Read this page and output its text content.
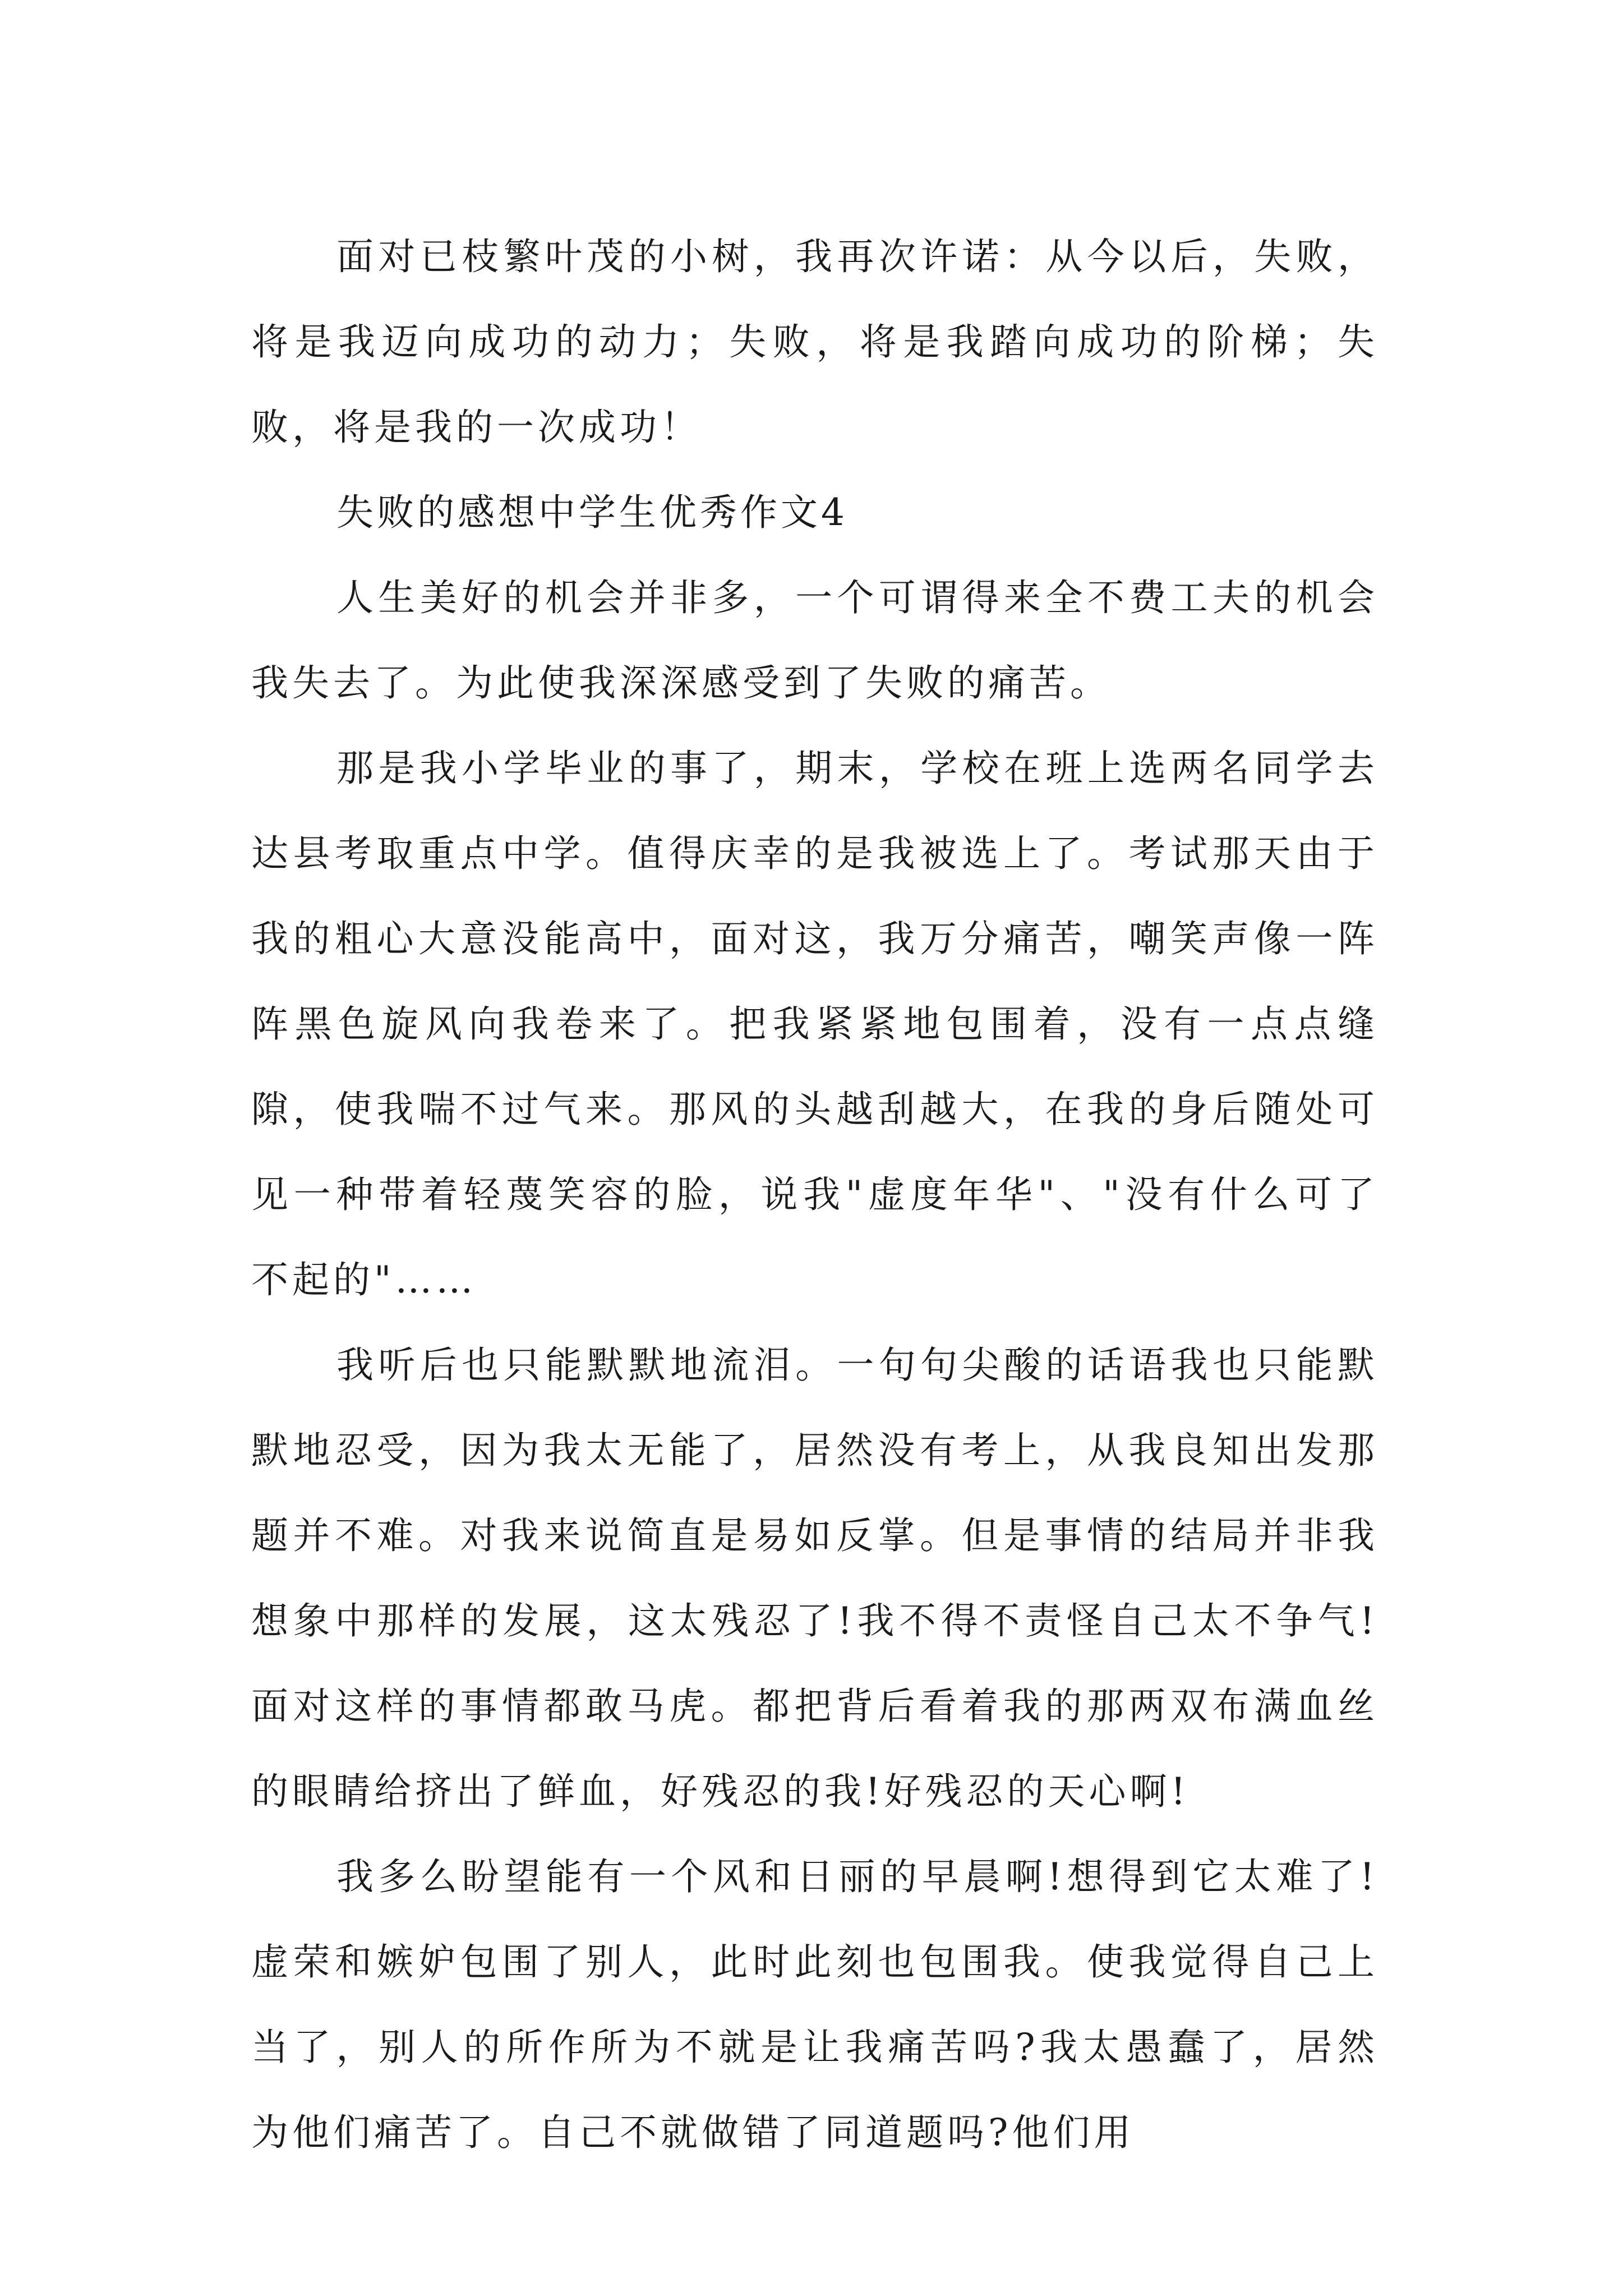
面对已枝繁叶茂的小树，我再次许诺：从今以后，失败，将是我迈向成功的动力；失败，将是我踏向成功的阶梯；失败，将是我的一次成功！

失败的感想中学生优秀作文4

人生美好的机会并非多，一个可谓得来全不费工夫的机会我失去了。为此使我深深感受到了失败的痛苦。

那是我小学毕业的事了，期末，学校在班上选两名同学去达县考取重点中学。值得庆幸的是我被选上了。考试那天由于我的粗心大意没能高中，面对这，我万分痛苦，嘲笑声像一阵阵黑色旋风向我卷来了。把我紧紧地包围着，没有一点点缝隙，使我喘不过气来。那风的头越刮越大，在我的身后随处可见一种带着轻蔑笑容的脸，说我"虚度年华"、"没有什么可了不起的"……

我听后也只能默默地流泪。一句句尖酸的话语我也只能默默地忍受，因为我太无能了，居然没有考上，从我良知出发那题并不难。对我来说简直是易如反掌。但是事情的结局并非我想象中那样的发展，这太残忍了!我不得不责怪自己太不争气!面对这样的事情都敢马虎。都把背后看着我的那两双布满血丝的眼睛给挤出了鲜血，好残忍的我!好残忍的天心啊!

我多么盼望能有一个风和日丽的早晨啊!想得到它太难了!虚荣和嫉妒包围了别人，此时此刻也包围我。使我觉得自己上当了，别人的所作所为不就是让我痛苦吗?我太愚蠢了，居然为他们痛苦了。自己不就做错了同道题吗?他们用
